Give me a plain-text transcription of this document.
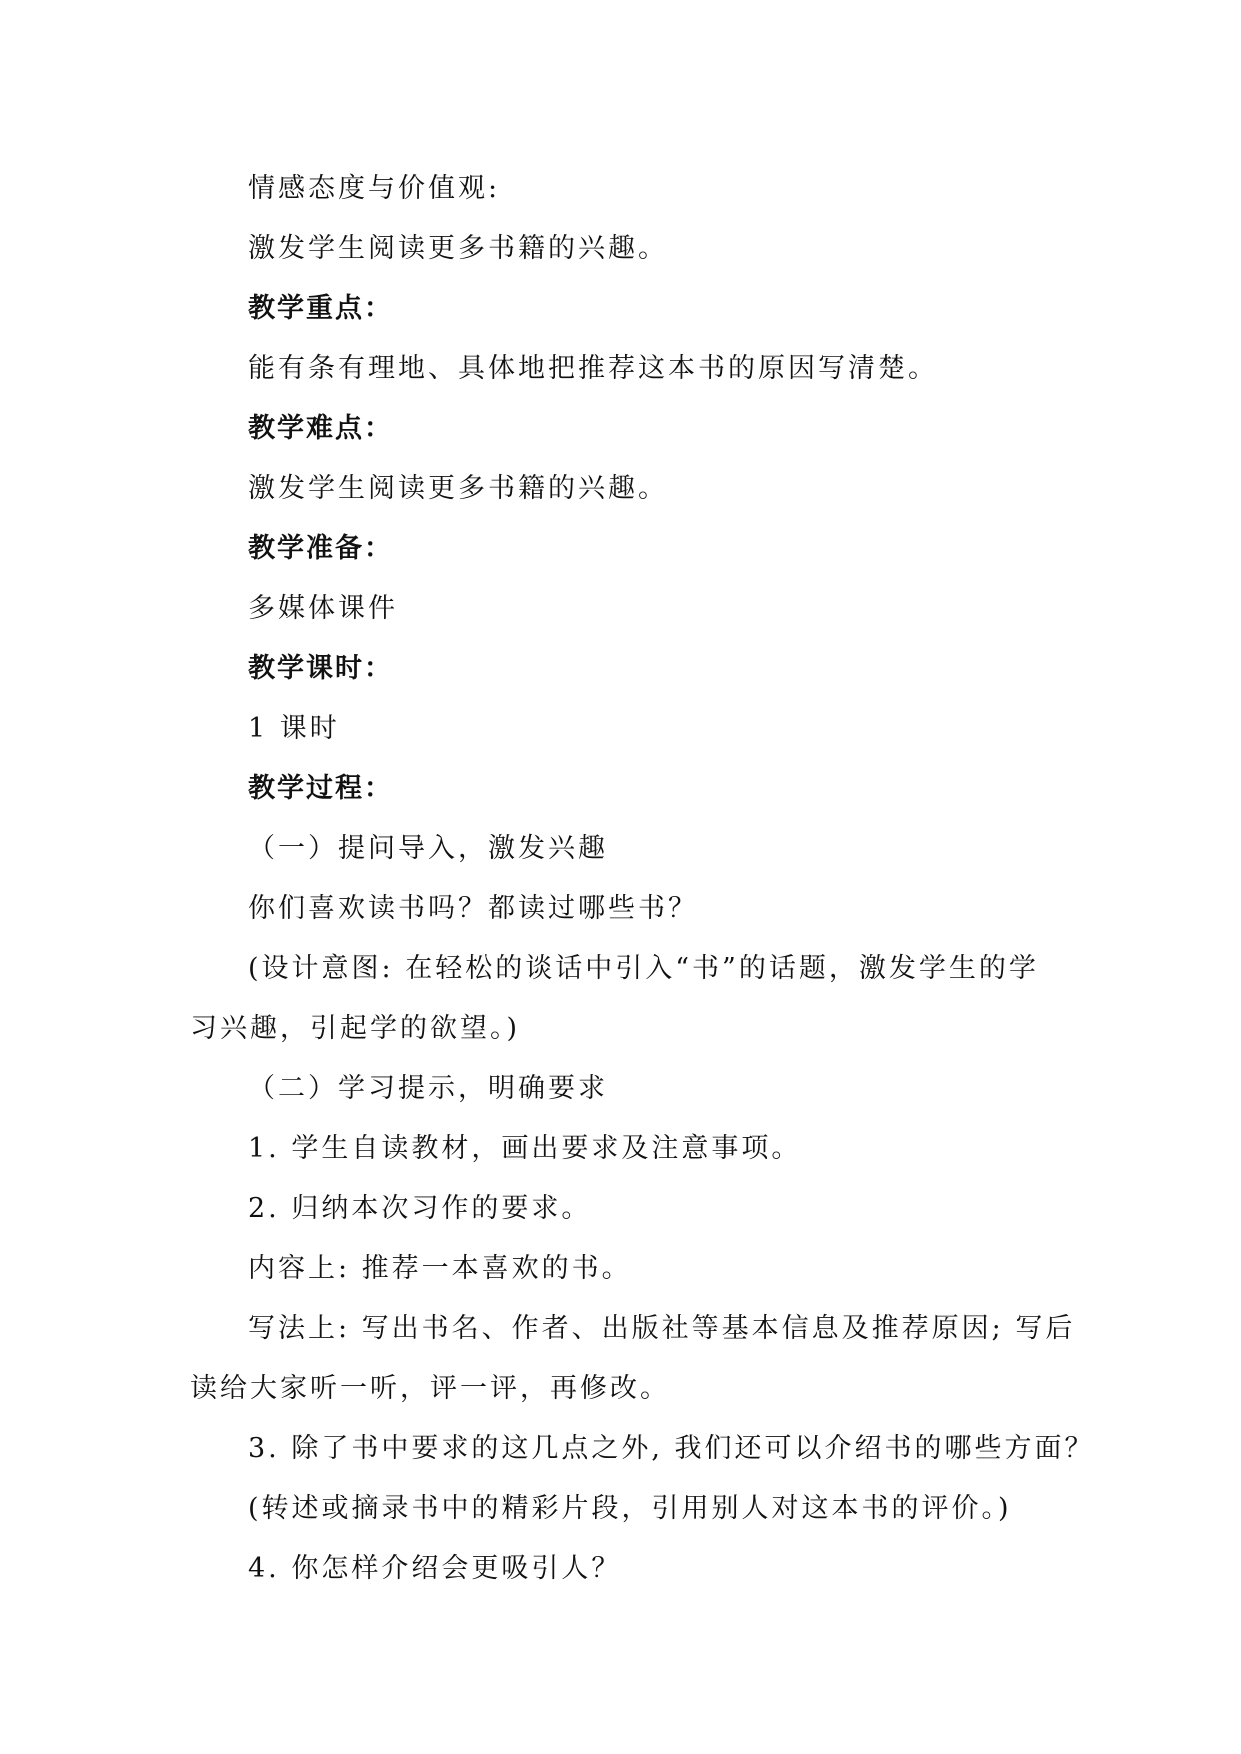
情感态度与价值观:
激发学生阅读更多书籍的兴趣。
教学重点：
能有条有理地、具体地把推荐这本书的原因写清楚。
教学难点：
激发学生阅读更多书籍的兴趣。
教学准备：
多媒体课件
教学课时：
1 课时
教学过程：
（一）提问导入，激发兴趣
你们喜欢读书吗？都读过哪些书？
(设计意图: 在轻松的谈话中引入“书”的话题，激发学生的学
习兴趣，引起学的欲望。)
（二）学习提示，明确要求
1. 学生自读教材，画出要求及注意事项。
2. 归纳本次习作的要求。
内容上: 推荐一本喜欢的书。
写法上: 写出书名、作者、出版社等基本信息及推荐原因; 写后
读给大家听一听，评一评，再修改。
3. 除了书中要求的这几点之外, 我们还可以介绍书的哪些方面？
(转述或摘录书中的精彩片段，引用别人对这本书的评价。)
4. 你怎样介绍会更吸引人？
